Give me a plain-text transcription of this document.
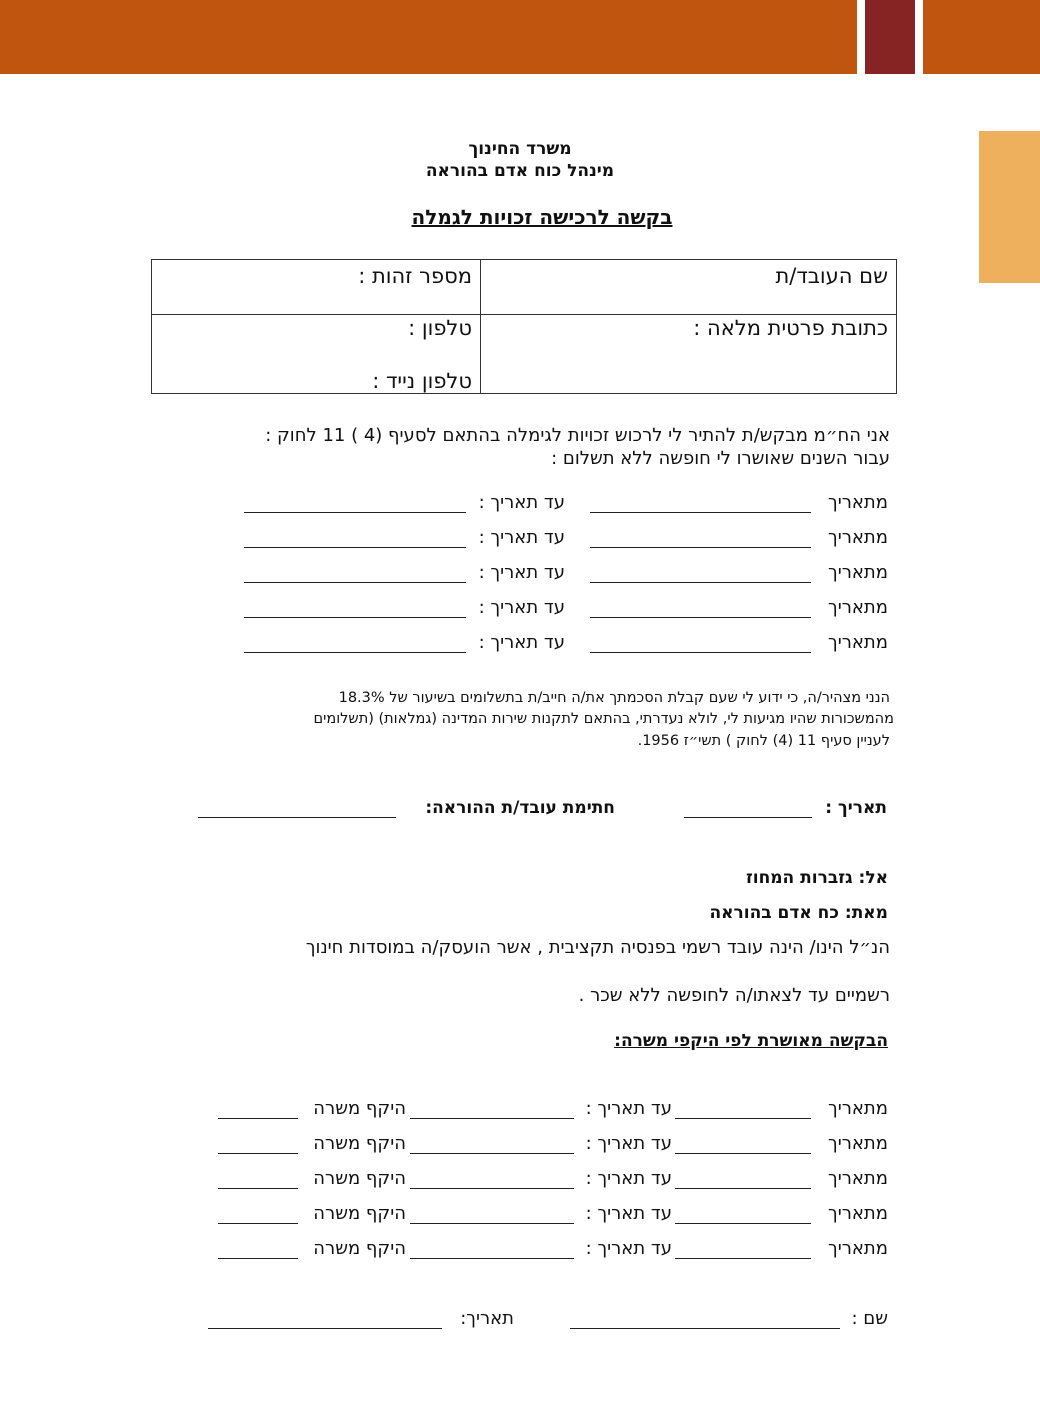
משרד החינוך
מינהל כוח אדם בהוראה
בקשה לרכישה זכויות לגמלה
שם העובד/ת
מספר זהות :
כתובת פרטית מלאה :
טלפון :
טלפון נייד :
אני הח״מ מבקש/ת להתיר לי לרכוש זכויות לגימלה בהתאם לסעיף (4 ) 11 לחוק :
עבור השנים שאושרו לי חופשה ללא תשלום :
מתאריך
עד תאריך :
מתאריך
עד תאריך :
מתאריך
עד תאריך :
מתאריך
עד תאריך :
מתאריך
עד תאריך :
הנני מצהיר/ה, כי ידוע לי שעם קבלת הסכמתך את/ה חייב/ת בתשלומים בשיעור של 18.3%
מהמשכורות שהיו מגיעות לי, לולא נעדרתי, בהתאם לתקנות שירות המדינה (גמלאות) (תשלומים
לעניין סעיף 11 (4) לחוק ) תשי״ז 1956.
תאריך :
חתימת עובד/ת ההוראה:
אל: גזברות המחוז
מאת: כח אדם בהוראה
הנ״ל הינו/ הינה עובד רשמי בפנסיה תקציבית , אשר הועסק/ה במוסדות חינוך
רשמיים עד לצאתו/ה לחופשה ללא שכר .
הבקשה מאושרת לפי היקפי משרה:
מתאריך
עד תאריך :
היקף משרה
מתאריך
עד תאריך :
היקף משרה
מתאריך
עד תאריך :
היקף משרה
מתאריך
עד תאריך :
היקף משרה
מתאריך
עד תאריך :
היקף משרה
שם :
תאריך:
